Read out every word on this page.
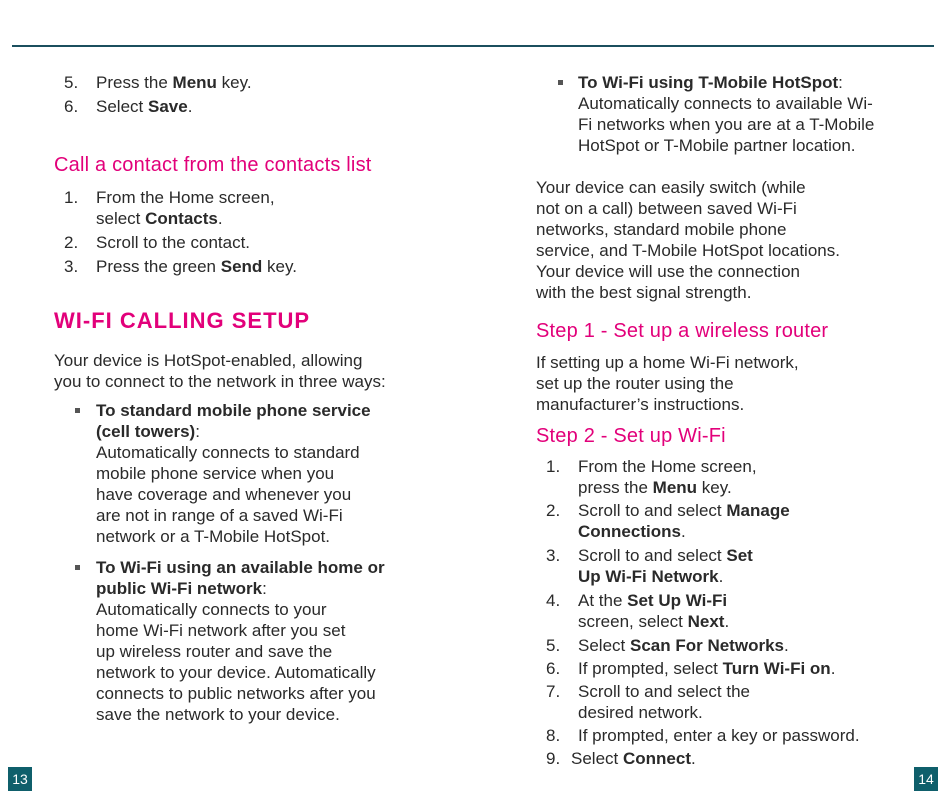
5. Press the Menu key.
6. Select Save.
Call a contact from the contacts list
1. From the Home screen,
select Contacts.
2. Scroll to the contact.
3. Press the green Send key.
WI-FI CALLING SETUP
Your device is HotSpot-enabled, allowing
you to connect to the network in three ways:
To standard mobile phone service
(cell towers):
Automatically connects to standard
mobile phone service when you
have coverage and whenever you
are not in range of a saved Wi-Fi
network or a T-Mobile HotSpot.
To Wi-Fi using an available home or
public Wi-Fi network:
Automatically connects to your
home Wi-Fi network after you set
up wireless router and save the
network to your device. Automatically
connects to public networks after you
save the network to your device.
13
To Wi-Fi using T-Mobile HotSpot:
Automatically connects to available Wi-
Fi networks when you are at a T-Mobile
HotSpot or T-Mobile partner location.
Your device can easily switch (while
not on a call) between saved Wi-Fi
networks, standard mobile phone
service, and T-Mobile HotSpot locations.
Your device will use the connection
with the best signal strength.
Step 1 - Set up a wireless router
If setting up a home Wi-Fi network,
set up the router using the
manufacturer’s instructions.
Step 2 - Set up Wi-Fi
1. From the Home screen,
press the Menu key.
2. Scroll to and select Manage
Connections.
3. Scroll to and select Set
Up Wi-Fi Network.
4. At the Set Up Wi-Fi
screen, select Next.
5. Select Scan For Networks.
6. If prompted, select Turn Wi-Fi on.
7. Scroll to and select the
desired network.
8. If prompted, enter a key or password.
9. Select Connect.
14
